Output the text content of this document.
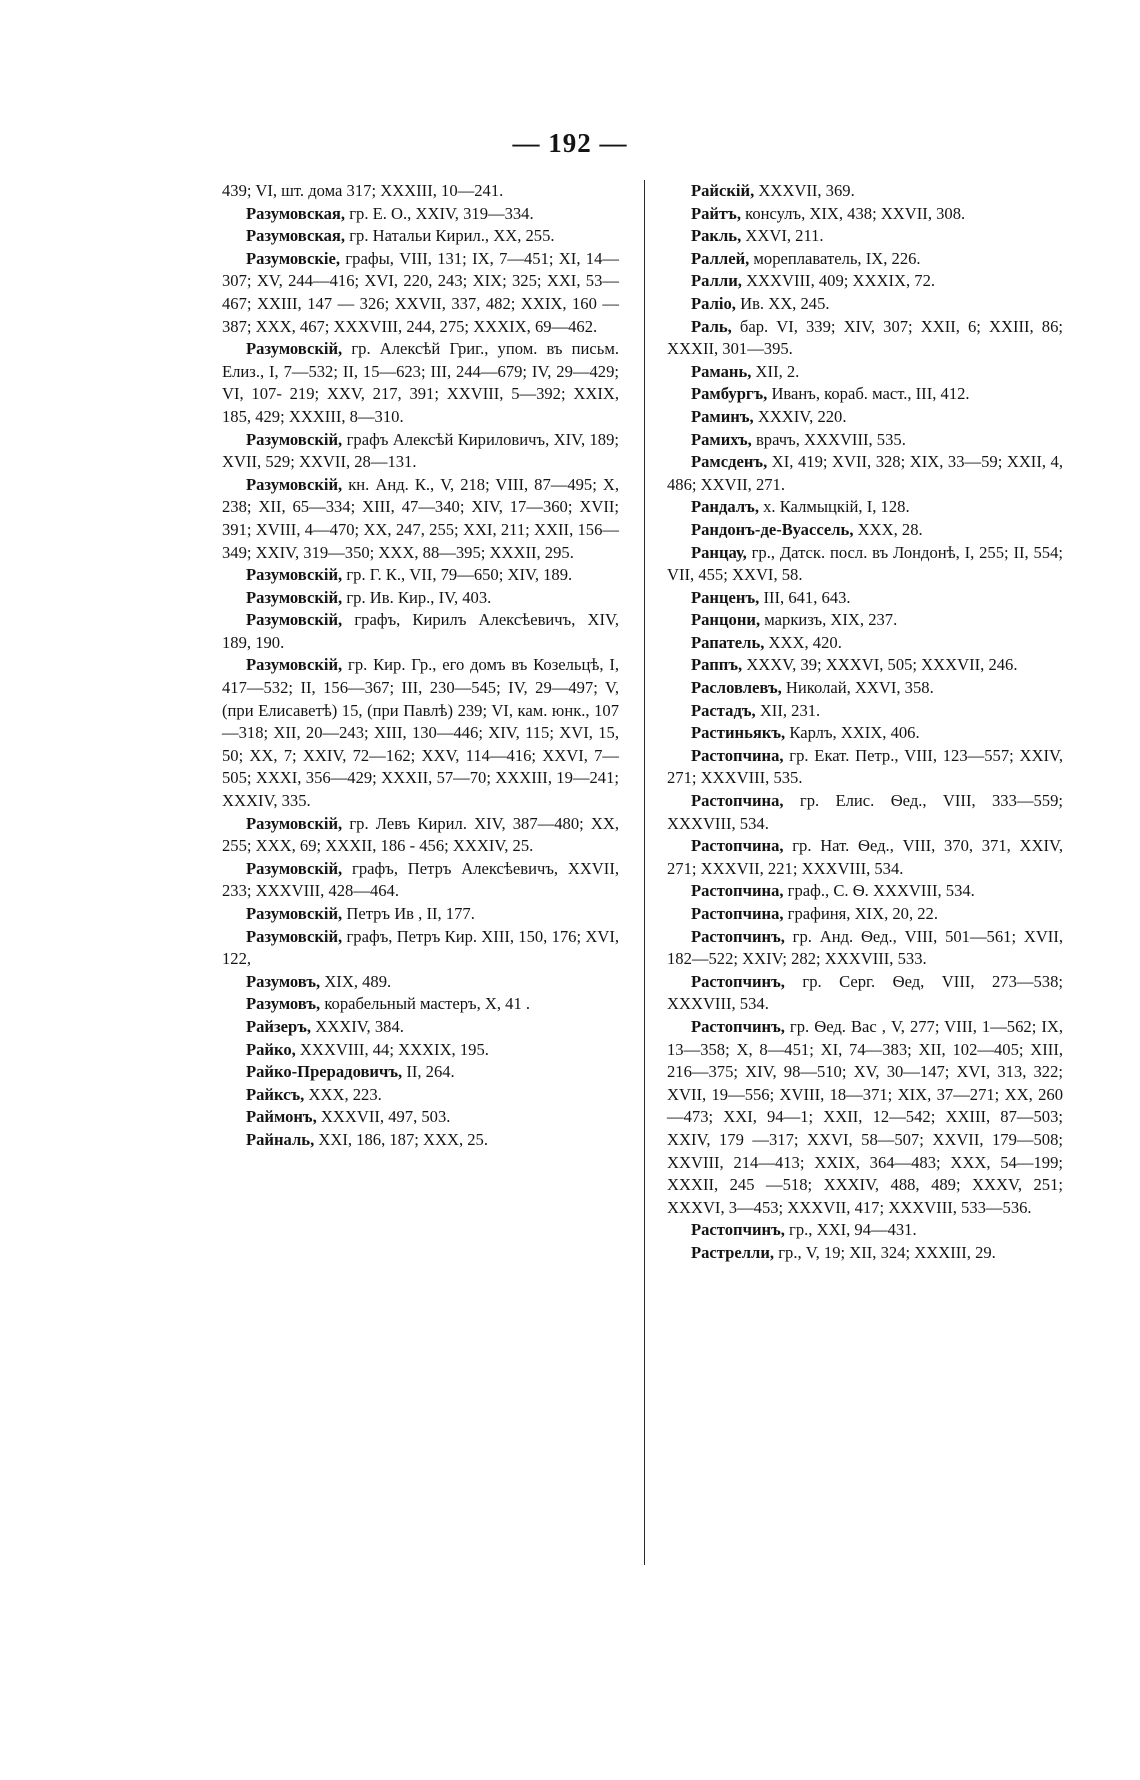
— 192 —

439; VI, шт. дома 317; XXXIII, 10—241.

Разумовская, гр. Е. О., XXIV, 319—334.

Разумовская, гр. Натальи Кирил., XX, 255.

Разумовскіе, графы, VIII, 131; IX, 7—451; XI, 14—307; XV, 244—416; XVI, 220, 243; XIX; 325; XXI, 53—467; XXIII, 147 — 326; XXVII, 337, 482; XXIX, 160 — 387; XXX, 467; XXXVIII, 244, 275; XXXIX, 69—462.

Разумовскій, гр. Алексѣй Григ., упом. въ письм. Елиз., I, 7—532; II, 15—623; III, 244—679; IV, 29—429; VI, 107- 219; XXV, 217, 391; XXVIII, 5—392; XXIX, 185, 429; XXXIII, 8—310.

Разумовскій, графъ Алексѣй Кириловичъ, XIV, 189; XVII, 529; XXVII, 28—131.

Разумовскій, кн. Анд. К., V, 218; VIII, 87—495; X, 238; XII, 65—334; XIII, 47—340; XIV, 17—360; XVII; 391; XVIII, 4—470; XX, 247, 255; XXI, 211; XXII, 156—349; XXIV, 319—350; XXX, 88—395; XXXII, 295.

Разумовскій, гр. Г. К., VII, 79—650; XIV, 189.

Разумовскій, гр. Ив. Кир., IV, 403.

Разумовскій, графъ, Кирилъ Алексѣевичъ, XIV, 189, 190.

Разумовскій, гр. Кир. Гр., его домъ въ Козельцѣ, I, 417—532; II, 156—367; III, 230—545; IV, 29—497; V, (при Елисаветѣ) 15, (при Павлѣ) 239; VI, кам. юнк., 107—318; XII, 20—243; XIII, 130—446; XIV, 115; XVI, 15, 50; XX, 7; XXIV, 72—162; XXV, 114—416; XXVI, 7—505; XXXI, 356—429; XXXII, 57—70; XXXIII, 19—241; XXXIV, 335.

Разумовскій, гр. Левъ Кирил. XIV, 387—480; XX, 255; XXX, 69; XXXII, 186 - 456; XXXIV, 25.

Разумовскій, графъ, Петръ Алексѣевичъ, XXVII, 233; XXXVIII, 428—464.

Разумовскій, Петръ Ив , II, 177.

Разумовскій, графъ, Петръ Кир. XIII, 150, 176; XVI, 122,

Разумовъ, XIX, 489.

Разумовъ, корабельный мастеръ, X, 41 .

Райзеръ, XXXIV, 384.

Райко, XXXVIII, 44; XXXIX, 195.

Райко-Прерадовичъ, II, 264.

Райксъ, XXX, 223.

Раймонъ, XXXVII, 497, 503.

Райналь, XXI, 186, 187; XXX, 25.

Райскій, XXXVII, 369.

Райтъ, консулъ, XIX, 438; XXVII, 308.

Ракль, XXVI, 211.

Раллей, мореплаватель, IX, 226.

Ралли, XXXVIII, 409; XXXIX, 72.

Раліо, Ив. XX, 245.

Раль, бар. VI, 339; XIV, 307; XXII, 6; XXIII, 86; XXXII, 301—395.

Рамань, XII, 2.

Рамбургъ, Иванъ, кораб. маст., III, 412.

Раминъ, XXXIV, 220.

Рамихъ, врачъ, XXXVIII, 535.

Рамсденъ, XI, 419; XVII, 328; XIX, 33—59; XXII, 4, 486; XXVII, 271.

Рандалъ, х. Калмыцкій, I, 128.

Рандонъ-де-Вуассель, XXX, 28.

Ранцау, гр., Датск. посл. въ Лондонѣ, I, 255; II, 554; VII, 455; XXVI, 58.

Ранценъ, III, 641, 643.

Ранцони, маркизъ, XIX, 237.

Рапатель, XXX, 420.

Раппъ, XXXV, 39; XXXVI, 505; XXXVII, 246.

Расловлевъ, Николай, XXVI, 358.

Растадъ, XII, 231.

Растиньякъ, Карлъ, XXIX, 406.

Растопчина, гр. Екат. Петр., VIII, 123—557; XXIV, 271; XXXVIII, 535.

Растопчина, гр. Елис. Ѳед., VIII, 333—559; XXXVIII, 534.

Растопчина, гр. Нат. Ѳед., VIII, 370, 371, XXIV, 271; XXXVII, 221; XXXVIII, 534.

Растопчина, граф., С. Ѳ. XXXVIII, 534.

Растопчина, графиня, XIX, 20, 22.

Растопчинъ, гр. Анд. Ѳед., VIII, 501—561; XVII, 182—522; XXIV; 282; XXXVIII, 533.

Растопчинъ, гр. Серг. Ѳед, VIII, 273—538; XXXVIII, 534.

Растопчинъ, гр. Ѳед. Вас , V, 277; VIII, 1—562; IX, 13—358; X, 8—451; XI, 74—383; XII, 102—405; XIII, 216—375; XIV, 98—510; XV, 30—147; XVI, 313, 322; XVII, 19—556; XVIII, 18—371; XIX, 37—271; XX, 260—473; XXI, 94—1; XXII, 12—542; XXIII, 87—503; XXIV, 179 —317; XXVI, 58—507; XXVII, 179—508; XXVIII, 214—413; XXIX, 364—483; XXX, 54—199; XXXII, 245 —518; XXXIV, 488, 489; XXXV, 251; XXXVI, 3—453; XXXVII, 417; XXXVIII, 533—536.

Растопчинъ, гр., XXI, 94—431.

Растрелли, гр., V, 19; XII, 324; XXXIII, 29.
